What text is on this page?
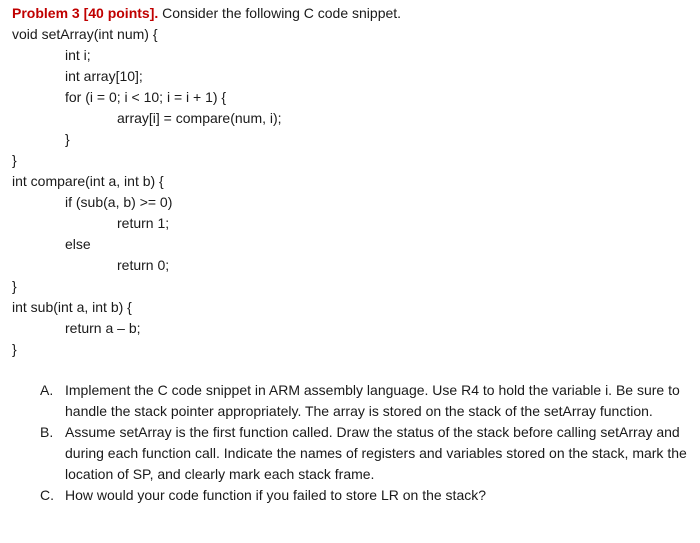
Problem 3 [40 points]. Consider the following C code snippet.
void setArray(int num) {
int i;
int array[10];
for (i = 0; i < 10; i = i + 1) {
array[i] = compare(num, i);
}
}
int compare(int a, int b) {
if (sub(a, b) >= 0)
return 1;
else
return 0;
}
int sub(int a, int b) {
return a – b;
}
A. Implement the C code snippet in ARM assembly language. Use R4 to hold the variable i. Be sure to handle the stack pointer appropriately. The array is stored on the stack of the setArray function.
B. Assume setArray is the first function called. Draw the status of the stack before calling setArray and during each function call. Indicate the names of registers and variables stored on the stack, mark the location of SP, and clearly mark each stack frame.
C. How would your code function if you failed to store LR on the stack?
